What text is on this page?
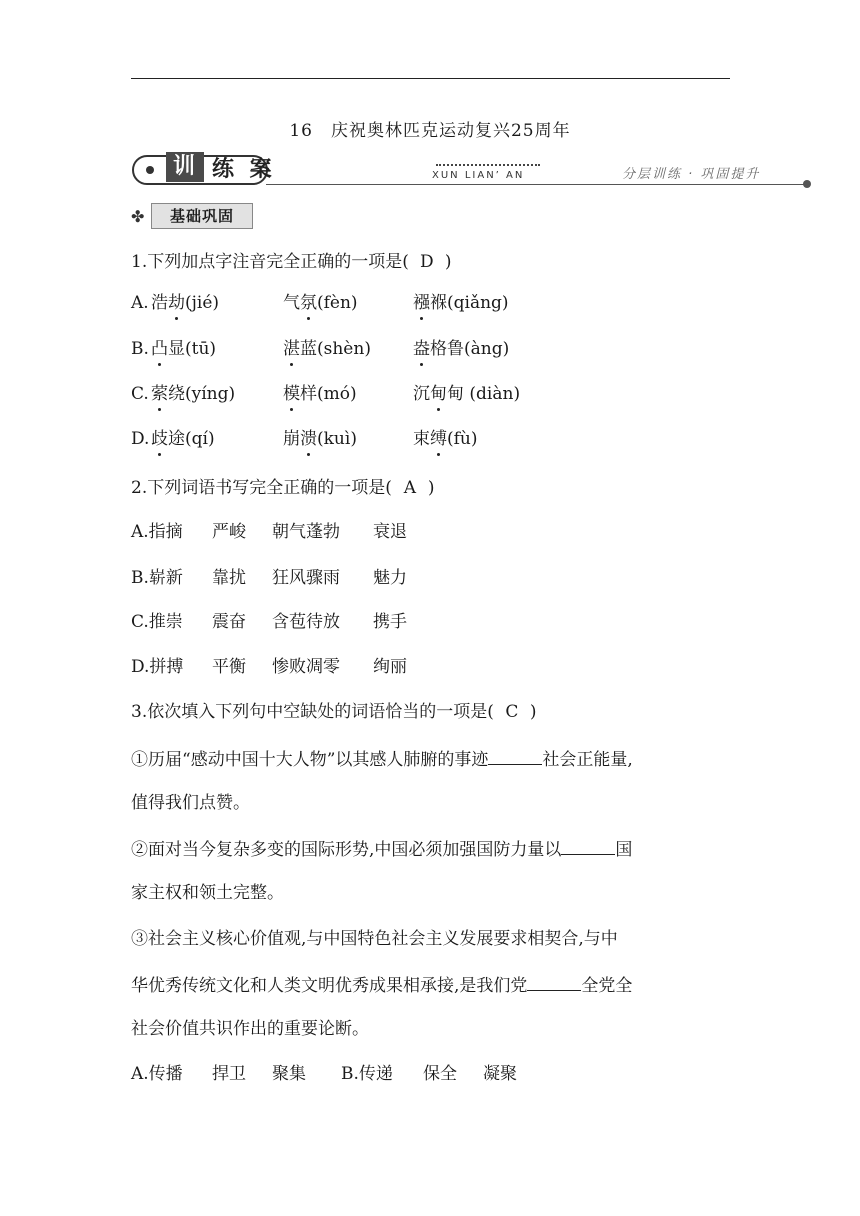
16　庆祝奥林匹克运动复兴25周年
训 练 案	XUN LIAN’ AN	分层训练 · 巩固提升
✤	基础巩固
1.下列加点字注音完全正确的一项是( D )
A. 浩劫(jié)	气氛(fèn)	襁褓(qiǎng)
B. 凸显(tū)	湛蓝(shèn) 盎格鲁(àng)
C. 萦绕(yíng)	模样(mó)	沉甸甸 (diàn)
D. 歧途(qí)	崩溃(kuì)	束缚(fù)
2.下列词语书写完全正确的一项是( A )
A.指摘 严峻 朝气蓬勃 衰退
B.崭新 靠扰 狂风骤雨 魅力
C.推崇 震奋 含苞待放 携手
D.拼搏 平衡 惨败凋零 绚丽
3.依次填入下列句中空缺处的词语恰当的一项是( C )
①历届“感动中国十大人物”以其感人肺腑的事迹	社会正能量,
值得我们点赞。
②面对当今复杂多变的国际形势,中国必须加强国防力量以	国
家主权和领土完整。
③社会主义核心价值观,与中国特色社会主义发展要求相契合,与中
华优秀传统文化和人类文明优秀成果相承接,是我们党	全党全
社会价值共识作出的重要论断。
A.传播 捍卫 聚集 B.传递 保全 凝聚
